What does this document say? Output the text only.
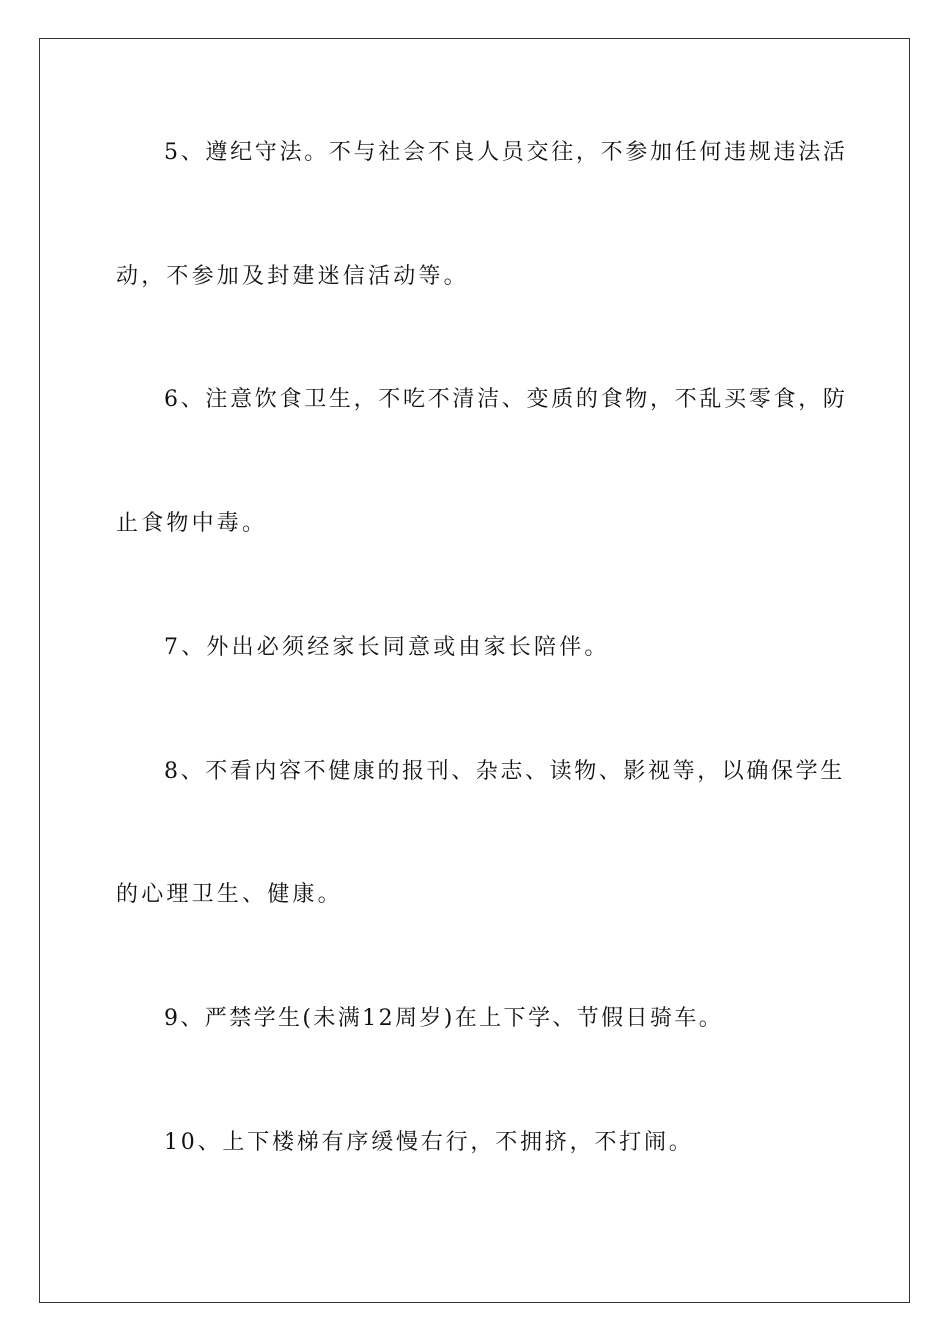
5、遵纪守法。不与社会不良人员交往，不参加任何违规违法活
动，不参加及封建迷信活动等。
6、注意饮食卫生，不吃不清洁、变质的食物，不乱买零食，防
止食物中毒。
7、外出必须经家长同意或由家长陪伴。
8、不看内容不健康的报刊、杂志、读物、影视等，以确保学生
的心理卫生、健康。
9、严禁学生(未满12周岁)在上下学、节假日骑车。
10、上下楼梯有序缓慢右行，不拥挤，不打闹。
